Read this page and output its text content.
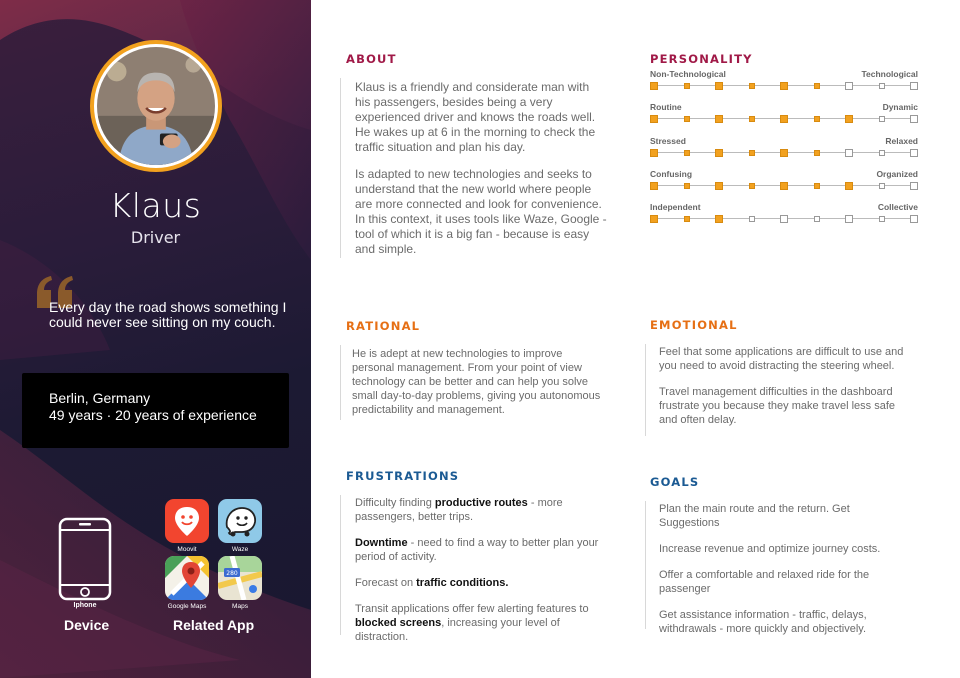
Klaus
Driver
Every day the road shows something I could never see sitting on my couch.
Berlin, Germany
49 years · 20 years of experience
Iphone
Device
Moovit	Waze
Google Maps
280
Maps
Related App
ABOUT

Klaus is a friendly and considerate man with his passengers, besides being a very experienced driver and knows the roads well. He wakes up at 6 in the morning to check the traffic situation and plan his day.

Is adapted to new technologies and seeks to understand that the new world where people are more connected and look for convenience. In this context, it uses tools like Waze, Google - tool of which it is a big fan - because is easy and simple.

PERSONALITY
Non-Technological	Technological
Routine	Dynamic
Stressed	Relaxed
Confusing	Organized
Independent	Collective
RATIONAL
He is adept at new technologies to improve personal management. From your point of view technology can be better and can help you solve small day-to-day problems, giving you autonomous predictability and management.
EMOTIONAL

Feel that some applications are difficult to use and you need to avoid distracting the steering wheel.

Travel management difficulties in the dashboard frustrate you because they make travel less safe and often delay.

FRUSTRATIONS

Difficulty finding productive routes - more passengers, better trips.

Downtime - need to find a way to better plan your period of activity.

Forecast on traffic conditions.

Transit applications offer few alerting features to blocked screens, increasing your level of distraction.

GOALS

Plan the main route and the return. Get Suggestions

Increase revenue and optimize journey costs.

Offer a comfortable and relaxed ride for the passenger

Get assistance information - traffic, delays, withdrawals - more quickly and objectively.
